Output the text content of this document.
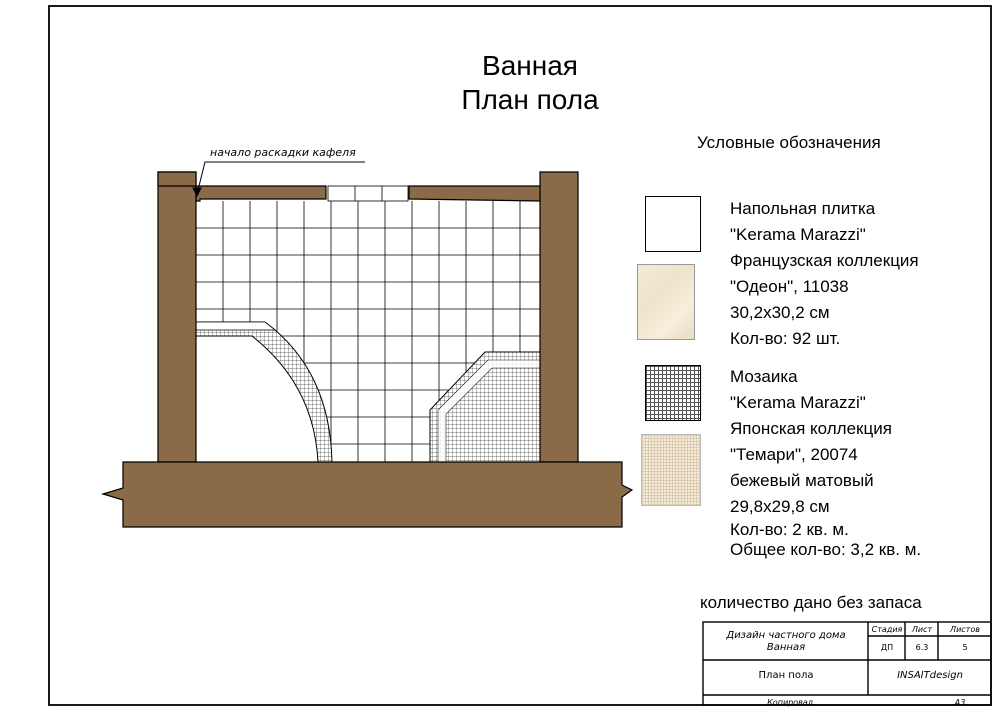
Ванная
План пола
начало раскадки кафеля
Условные обозначения
Напольная плитка
"Kerama Marazzi"
Французская коллекция
"Одеон", 11038
30,2х30,2 см
Кол-во: 92 шт.
Мозаика
"Kerama Marazzi"
Японская коллекция
"Темари", 20074
бежевый матовый
29,8х29,8 см
Кол-во: 2 кв. м.
Общее кол-во: 3,2 кв. м.
количество дано без запаса
Дизайн частного дома
Ванная
Стадия	Лист	Листов
ДП	6.3	5
План пола	INSAITdesign
Копировал	А3
